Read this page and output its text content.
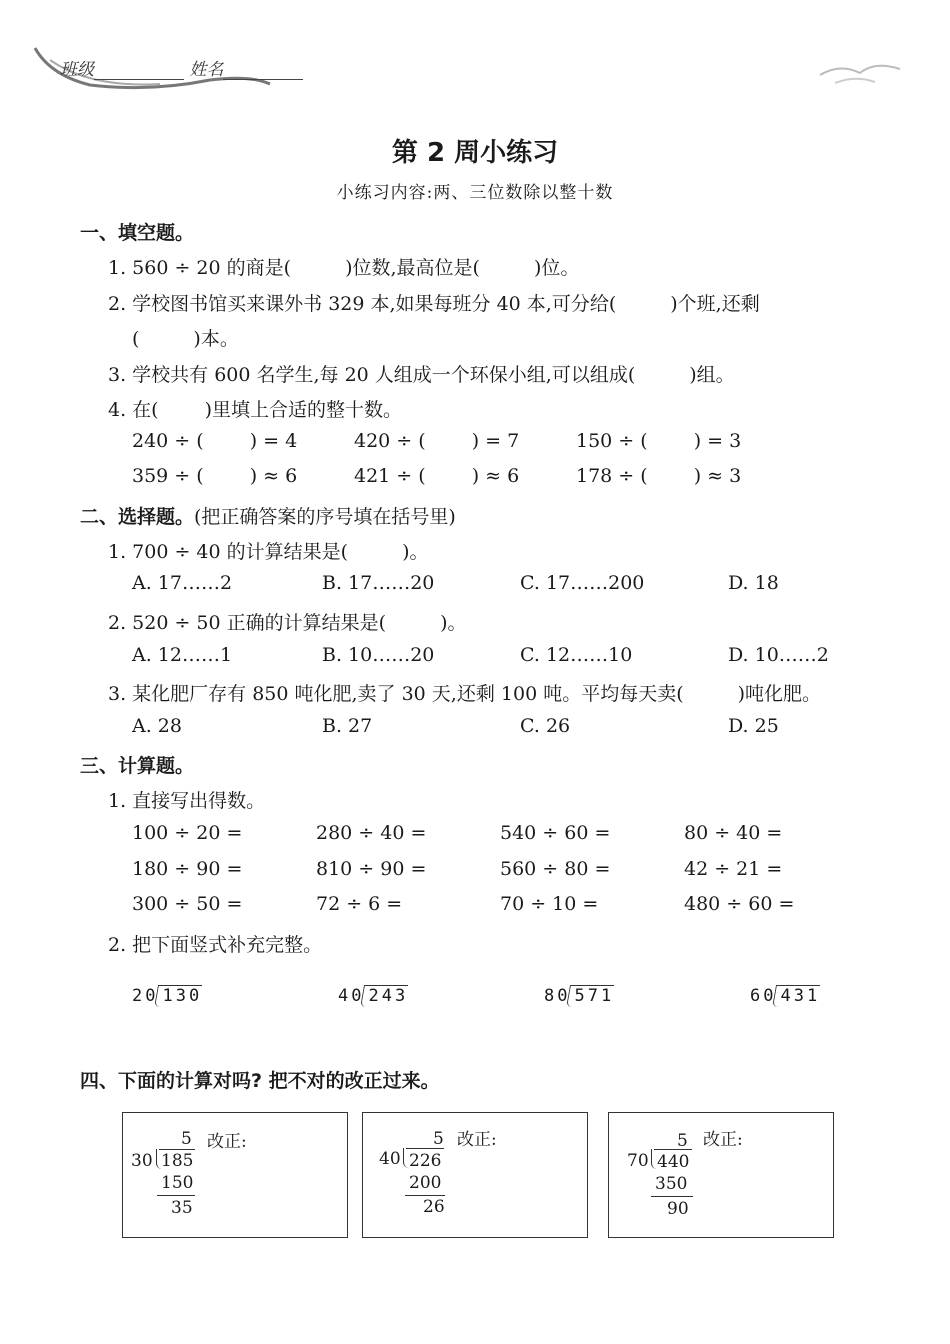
班级	姓名
第 2 周小练习
小练习内容:两、三位数除以整十数
一、填空题。
1. 560 ÷ 20 的商是(	)位数,最高位是(	)位。
2. 学校图书馆买来课外书 329 本,如果每班分 40 本,可分给(	)个班,还剩
(	)本。
3. 学校共有 600 名学生,每 20 人组成一个环保小组,可以组成(	)组。
4. 在( )里填上合适的整十数。
240 ÷ ( ) = 4	420 ÷ ( ) = 7	150 ÷ ( ) = 3
359 ÷ ( ) ≈ 6	421 ÷ ( ) ≈ 6	178 ÷ ( ) ≈ 3
二、选择题。(把正确答案的序号填在括号里)
1. 700 ÷ 40 的计算结果是(	)。
A. 17……2	B. 17……20	C. 17……200	D. 18
2. 520 ÷ 50 正确的计算结果是(	)。
A. 12……1	B. 10……20	C. 12……10	D. 10……2
3. 某化肥厂存有 850 吨化肥,卖了 30 天,还剩 100 吨。平均每天卖(	)吨化肥。
A. 28	B. 27	C. 26	D. 25
三、计算题。
1. 直接写出得数。
100 ÷ 20 =	280 ÷ 40 =	540 ÷ 60 =	80 ÷ 40 =
180 ÷ 90 =	810 ÷ 90 =	560 ÷ 80 =	42 ÷ 21 =
300 ÷ 50 =	72 ÷ 6 =	70 ÷ 10 =	480 ÷ 60 =
2. 把下面竖式补充完整。
20 130	40 243	80 571	60 431
四、下面的计算对吗? 把不对的改正过来。
5 改正:
30 185
150
35
5 改正:
40 226
200
26
5 改正:
70 440
350
90
